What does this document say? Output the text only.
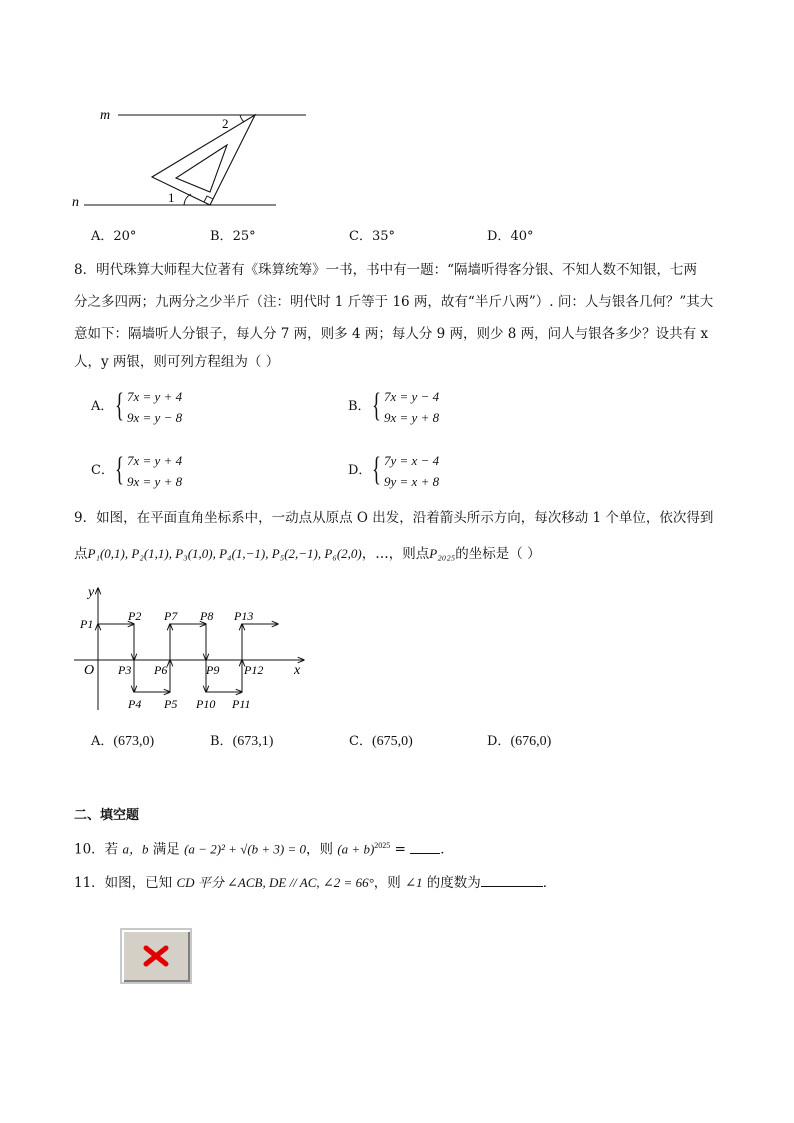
m
n	1
2
A．20°	B．25°	C．35°	D．40°
8．明代珠算大师程大位著有《珠算统筹》一书，书中有一题：“隔墙听得客分银、不知人数不知银，七两
分之多四两；九两分之少半斤（注：明代时 1 斤等于 16 两，故有“半斤八两”）. 问：人与银各几何？”其大
意如下：隔墙听人分银子，每人分 7 两，则多 4 两；每人分 9 两，则少 8 两，问人与银各多少？设共有 x
人，y 两银，则可列方程组为（ ）
A． { 7x = y + 4
9x = y − 8
B． { 7x = y − 4
9x = y + 8
C． { 7x = y + 4
9x = y + 8
D． { 7y = x − 4
9y = x + 8
9．如图，在平面直角坐标系中，一动点从原点 O 出发，沿着箭头所示方向，每次移动 1 个单位，依次得到
点P₁(0,1), P₂(1,1), P₃(1,0), P₄(1,−1), P₅(2,−1), P₆(2,0)，…，则点P₂₀₂₅的坐标是（ ）
y
x
O
P1
P2
P3
P4 P5
P6
P7 P8
P9
P10 P11
P12
P13
A．(673,0)	B．(673,1)	C．(675,0)	D．(676,0)
二、填空题
10．若 a，b 满足 (a − 2)² + √(b + 3) = 0，则 $(a + b)^{2025}$ = ．
11．如图，已知 CD 平分 ∠ACB, DE // AC, ∠2 = 66°，则 ∠1 的度数为	．
